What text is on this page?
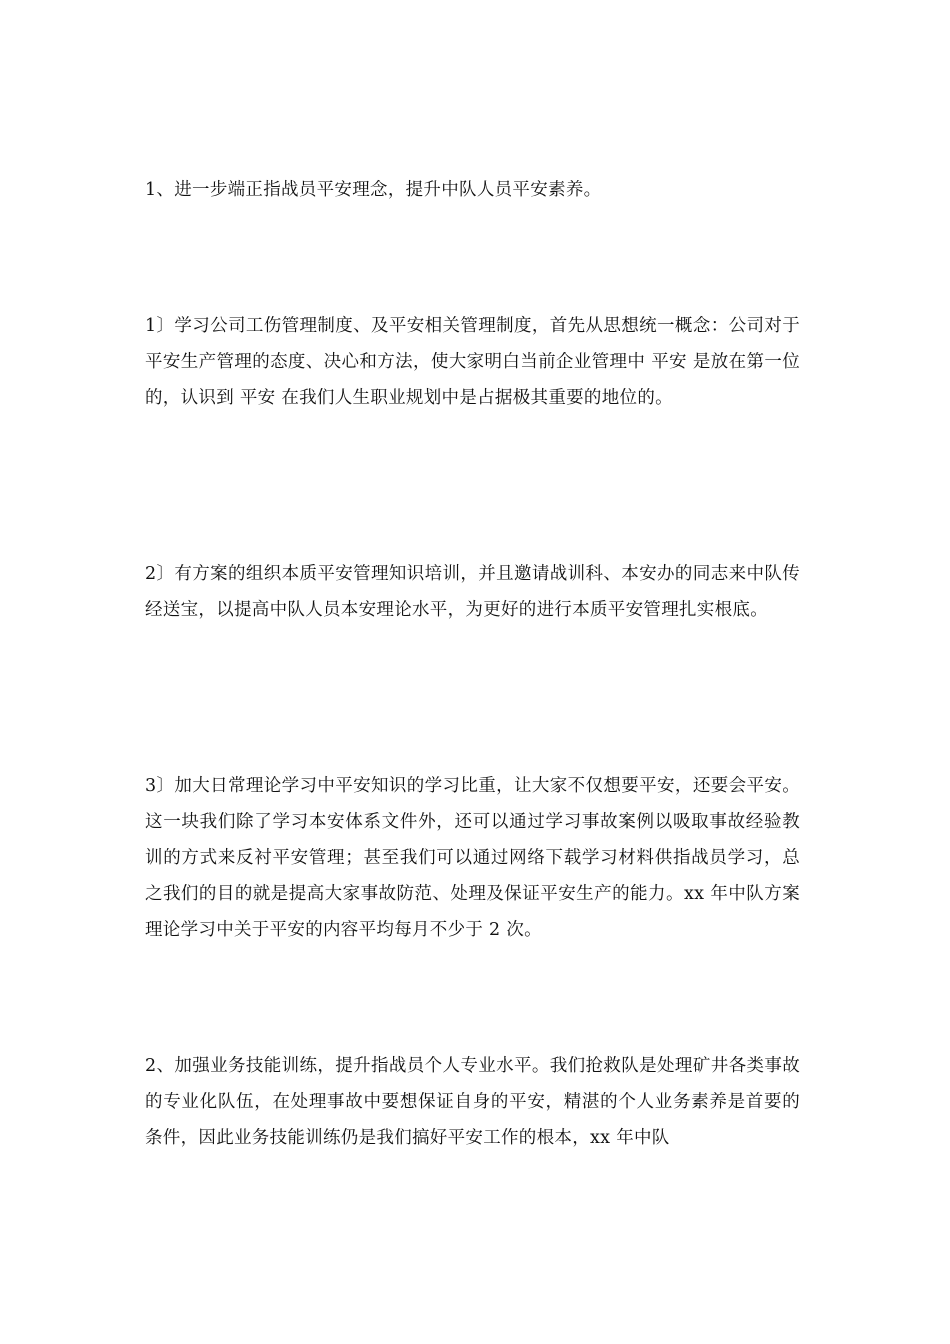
1、进一步端正指战员平安理念，提升中队人员平安素养。

1〕学习公司工伤管理制度、及平安相关管理制度，首先从思想统一概念：公司对于平安生产管理的态度、决心和方法，使大家明白当前企业管理中 平安 是放在第一位的，认识到 平安 在我们人生职业规划中是占据极其重要的地位的。

2〕有方案的组织本质平安管理知识培训，并且邀请战训科、本安办的同志来中队传经送宝，以提高中队人员本安理论水平，为更好的进行本质平安管理扎实根底。

3〕加大日常理论学习中平安知识的学习比重，让大家不仅想要平安，还要会平安。这一块我们除了学习本安体系文件外，还可以通过学习事故案例以吸取事故经验教训的方式来反衬平安管理；甚至我们可以通过网络下载学习材料供指战员学习，总之我们的目的就是提高大家事故防范、处理及保证平安生产的能力。xx 年中队方案理论学习中关于平安的内容平均每月不少于 2 次。

2、加强业务技能训练，提升指战员个人专业水平。我们抢救队是处理矿井各类事故的专业化队伍，在处理事故中要想保证自身的平安，精湛的个人业务素养是首要的条件，因此业务技能训练仍是我们搞好平安工作的根本，xx 年中队
